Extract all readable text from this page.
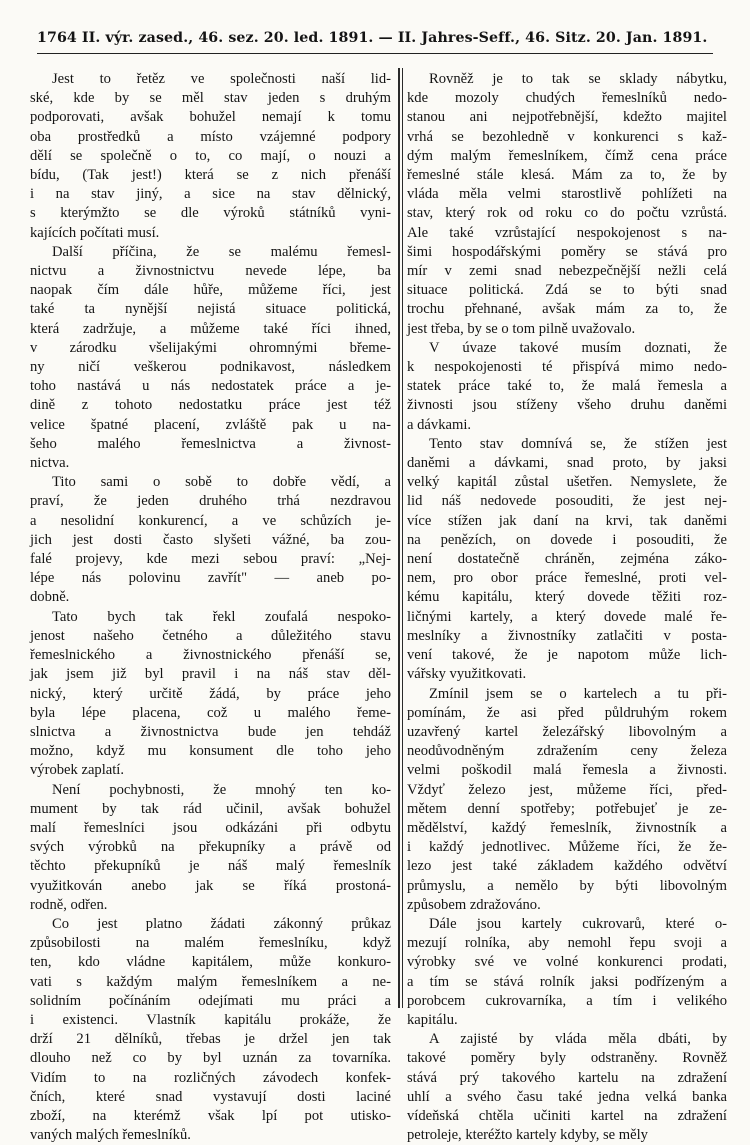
1764 II. výr. zased., 46. sez. 20. led. 1891. — II. Jahres-Seff., 46. Sitz. 20. Jan. 1891.

Jest to řetěz ve společnosti naší lid-
ské, kde by se měl stav jeden s druhým
podporovati, avšak bohužel nemají k tomu
oba prostředků a místo vzájemné podpory
dělí se společně o to, co mají, o nouzi a
bídu, (Tak jest!) která se z nich přenáší
i na stav jiný, a sice na stav dělnický,
s kterýmžto se dle výroků státníků vyni-
kajících počítati musí.

Další příčina, že se malému řemesl-
nictvu a živnostnictvu nevede lépe, ba
naopak čím dále hůře, můžeme říci, jest
také ta nynější nejistá situace politická,
která zadržuje, a můžeme také říci ihned,
v zárodku všelijakými ohromnými břeme-
ny ničí veškerou podnikavost, následkem
toho nastává u nás nedostatek práce a je-
dině z tohoto nedostatku práce jest též
velice špatné placení, zvláště pak u na-
šeho malého řemeslnictva a živnost-
nictva.

Tito sami o sobě to dobře vědí, a
praví, že jeden druhého trhá nezdravou
a nesolidní konkurencí, a ve schůzích je-
jich jest dosti často slyšeti vážné, ba zou-
falé projevy, kde mezi sebou praví: „Nej-
lépe nás polovinu zavřít" — aneb po-
dobně.

Tato bych tak řekl zoufalá nespoko-
jenost našeho četného a důležitého stavu
řemeslnického a živnostnického přenáší se,
jak jsem již byl pravil i na náš stav děl-
nický, který určitě žádá, by práce jeho
byla lépe placena, což u malého řeme-
slnictva a živnostnictva bude jen tehdáž
možno, když mu konsument dle toho jeho
výrobek zaplatí.

Není pochybnosti, že mnohý ten ko-
mument by tak rád učinil, avšak bohužel
malí řemeslníci jsou odkázáni při odbytu
svých výrobků na překupníky a právě od
těchto překupníků je náš malý řemeslník
využitkován anebo jak se říká prostoná-
rodně, odřen.

Co jest platno žádati zákonný průkaz
způsobilosti na malém řemeslníku, když
ten, kdo vládne kapitálem, může konkuro-
vati s každým malým řemeslníkem a ne-
solidním počínáním odejímati mu práci a
i existenci. Vlastník kapitálu prokáže, že
drží 21 dělníků, třebas je držel jen tak
dlouho než co by byl uznán za tovarníka.
Vidím to na rozličných závodech konfek-
čních, které snad vystavují dosti laciné
zboží, na kterémž však lpí pot utisko-
vaných malých řemeslníků.

Rovněž je to tak se sklady nábytku,
kde mozoly chudých řemeslníků nedo-
stanou ani nejpotřebnější, kdežto majitel
vrhá se bezohledně v konkurenci s kaž-
dým malým řemeslníkem, čímž cena práce
řemeslné stále klesá. Mám za to, že by
vláda měla velmi starostlivě pohlížeti na
stav, který rok od roku co do počtu vzrůstá.
Ale také vzrůstající nespokojenost s na-
šimi hospodářskými poměry se stává pro
mír v zemi snad nebezpečnější nežli celá
situace politická. Zdá se to býti snad
trochu přehnané, avšak mám za to, že
jest třeba, by se o tom pilně uvažovalo.

V úvaze takové musím doznati, že
k nespokojenosti té přispívá mimo nedo-
statek práce také to, že malá řemesla a
živnosti jsou stíženy všeho druhu daněmi
a dávkami.

Tento stav domnívá se, že stížen jest
daněmi a dávkami, snad proto, by jaksi
velký kapitál zůstal ušetřen. Nemyslete, že
lid náš nedovede posouditi, že jest nej-
více stížen jak daní na krvi, tak daněmi
na penězích, on dovede i posouditi, že
není dostatečně chráněn, zejména záko-
nem, pro obor práce řemeslné, proti vel-
kému kapitálu, který dovede těžiti roz-
ličnými kartely, a který dovede malé ře-
meslníky a živnostníky zatlačiti v posta-
vení takové, že je napotom může lich-
vářsky využitkovati.

Zmínil jsem se o kartelech a tu při-
pomínám, že asi před půldruhým rokem
uzavřený kartel železářský libovolným a
neodůvodněným zdražením ceny železa
velmi poškodil malá řemesla a živnosti.
Vždyť železo jest, můžeme říci, před-
mětem denní spotřeby; potřebujeť je ze-
mědělství, každý řemeslník, živnostník a
i každý jednotlivec. Můžeme říci, že že-
lezo jest také základem každého odvětví
průmyslu, a nemělo by býti libovolným
způsobem zdražováno.

Dále jsou kartely cukrovarů, které o-
mezují rolníka, aby nemohl řepu svoji a
výrobky své ve volné konkurenci prodati,
a tím se stává rolník jaksi podřízeným a
porobcem cukrovarníka, a tím i velikého
kapitálu.

A zajisté by vláda měla dbáti, by
takové poměry byly odstraněny. Rovněž
stává prý takového kartelu na zdražení
uhlí a svého času také jedna velká banka
vídeňská chtěla učiniti kartel na zdražení
petroleje, kteréžto kartely kdyby, se měly
